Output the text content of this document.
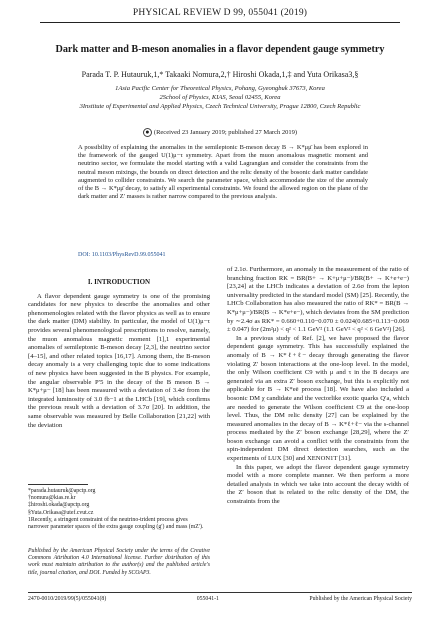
PHYSICAL REVIEW D 99, 055041 (2019)
Dark matter and B-meson anomalies in a flavor dependent gauge symmetry
Parada T. P. Hutauruk,1,* Takaaki Nomura,2,† Hiroshi Okada,1,‡ and Yuta Orikasa3,§
1Asia Pacific Center for Theoretical Physics, Pohang, Gyeongbuk 37673, Korea
2School of Physics, KIAS, Seoul 02455, Korea
3Institute of Experimental and Applied Physics, Czech Technical University, Prague 12800, Czech Republic
● (Received 23 January 2019; published 27 March 2019)
A possibility of explaining the anomalies in the semileptonic B-meson decay B → K*μμ̄ has been explored in the framework of the gauged U(1)μ−τ symmetry. Apart from the muon anomalous magnetic moment and neutrino sector, we formulate the model starting with a valid Lagrangian and consider the constraints from the neutral meson mixings, the bounds on direct detection and the relic density of the bosonic dark matter candidate augmented to collider constraints. We search the parameter space, which accommodate the size of the anomaly of the B → K*μμ̄ decay, to satisfy all experimental constraints. We found the allowed region on the plane of the dark matter and Z′ masses is rather narrow compared to the previous analysis.
DOI: 10.1103/PhysRevD.99.055041
I. INTRODUCTION

A flavor dependent gauge symmetry is one of the promising candidates for new physics to describe the anomalies and other phenomenologies related with the flavor physics as well as to ensure the dark matter (DM) stability. In particular, the model of U(1)μ−τ provides several phenomenological prescriptions to resolve, namely, the muon anomalous magnetic moment [1],1 experimental anomalies of semileptonic B-meson decay [2,3], the neutrino sector [4–15], and other related topics [16,17]. Among them, the B-meson decay anomaly is a very challenging topic due to some indications of new physics have been suggested in the B physics. For example, the angular observable P′5 in the decay of the B meson B → K*μ+μ− [18] has been measured with a deviation of 3.4σ from the integrated luminosity of 3.0 fb−1 at the LHCb [19], which confirms the previous result with a deviation of 3.7σ [20]. In addition, the same observable was measured by Belle Collaboration [21,22] with the deviation

of 2.1σ. Furthermore, an anomaly in the measurement of the ratio of branching fraction RK = BR(B+ → K+μ+μ−)/BR(B+ → K+e+e−) [23,24] at the LHCb indicates a deviation of 2.6σ from the lepton universality predicted in the standard model (SM) [25]. Recently, the LHCb Collaboration has also measured the ratio of RK* = BR(B → K*μ+μ−)/BR(B → K*e+e−), which deviates from the SM prediction by ∼2.4σ as RK* = 0.660+0.110−0.070 ± 0.024(0.685+0.113−0.069 ± 0.047) for (2m²μ) < q² < 1.1 GeV² (1.1 GeV² < q² < 6 GeV²) [26].

In a previous study of Ref. [2], we have proposed the flavor dependent gauge symmetry. This has successfully explained the anomaly of B → K*ℓ+ℓ− decay through generating the flavor violating Z′ boson interactions at the one-loop level. In the model, the only Wilson coefficient C9 with μ and τ in the B decays are generated via an extra Z′ boson exchange, but this is explicitly not applicable for B → K*eē process [18]. We have also included a bosonic DM χ candidate and the vectorlike exotic quarks Q′a, which are needed to generate the Wilson coefficient C9 at the one-loop level. Thus, the DM relic density [27] can be explained by the measured anomalies in the decay of B → K*ℓ+ℓ− via the s-channel process mediated by the Z′ boson exchange [28,29], where the Z′ boson exchange can avoid a conflict with the constraints from the spin-independent DM direct detection searches, such as the experiments of LUX [30] and XENON1T [31].

In this paper, we adopt the flavor dependent gauge symmetry model with a more complete manner. We then perform a more detailed analysis in which we take into account the decay width of the Z′ boson that is related to the relic density of the DM, the constraints from the

*parada.hutauruk@apctp.org
†nomura@kias.re.kr
‡hiroshi.okada@apctp.org
§Yuta.Orikasa@utef.cvut.cz
1Recently, a stringent constraint of the neutrino-trident process gives narrower parameter spaces of the extra gauge coupling (g′) and mass (mZ′).
Published by the American Physical Society under the terms of the Creative Commons Attribution 4.0 International license. Further distribution of this work must maintain attribution to the author(s) and the published article's title, journal citation, and DOI. Funded by SCOAP3.
2470-0010/2019/99(5)/055041(8)	055041-1	Published by the American Physical Society
